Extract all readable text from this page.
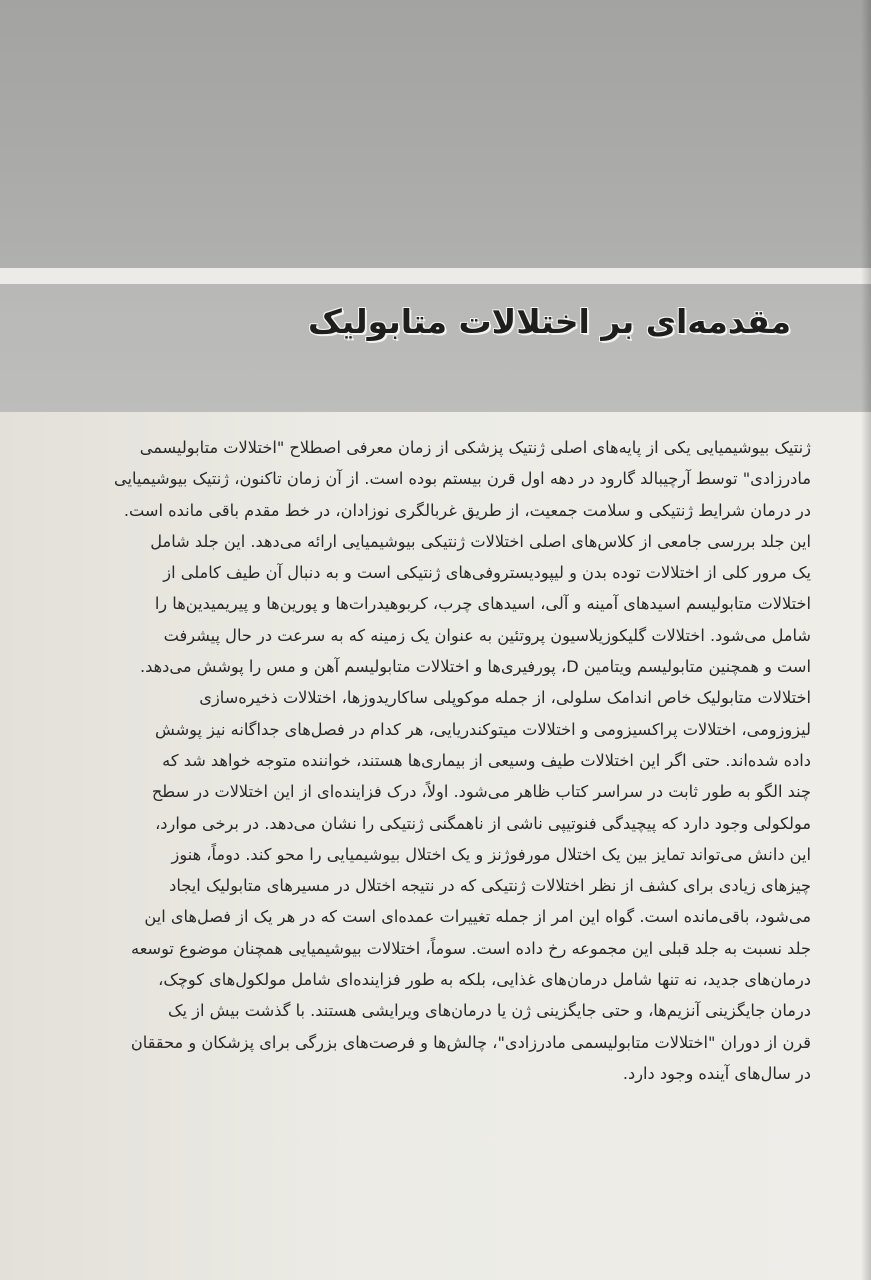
مقدمه‌ای بر اختلالات متابولیک
ژنتیک بیوشیمیایی یکی از پایه‌های اصلی ژنتیک پزشکی از زمان معرفی اصطلاح "اختلالات متابولیسمی
مادرزادی" توسط آرچیبالد گارود در دهه اول قرن بیستم بوده است. از آن زمان تاکنون، ژنتیک بیوشیمیایی
در درمان شرایط ژنتیکی و سلامت جمعیت، از طریق غربالگری نوزادان، در خط مقدم باقی مانده است.
این جلد بررسی جامعی از کلاس‌های اصلی اختلالات ژنتیکی بیوشیمیایی ارائه می‌دهد. این جلد شامل
یک مرور کلی از اختلالات توده بدن و لیپودیستروفی‌های ژنتیکی است و به دنبال آن طیف کاملی از
اختلالات متابولیسم اسیدهای آمینه و آلی، اسیدهای چرب، کربوهیدرات‌ها و پورین‌ها و پیریمیدین‌ها را
شامل می‌شود. اختلالات گلیکوزیلاسیون پروتئین به عنوان یک زمینه که به سرعت در حال پیشرفت
است و همچنین متابولیسم ویتامین D، پورفیری‌ها و اختلالات متابولیسم آهن و مس را پوشش می‌دهد.
اختلالات متابولیک خاص اندامک سلولی، از جمله موکوپلی ساکاریدوزها، اختلالات ذخیره‌سازی
لیزوزومی، اختلالات پراکسیزومی و اختلالات میتوکندریایی، هر کدام در فصل‌های جداگانه نیز پوشش
داده شده‌اند. حتی اگر این اختلالات طیف وسیعی از بیماری‌ها هستند، خواننده متوجه خواهد شد که
چند الگو به طور ثابت در سراسر کتاب ظاهر می‌شود. اولاً، درک فزاینده‌ای از این اختلالات در سطح
مولکولی وجود دارد که پیچیدگی فنوتیپی ناشی از ناهمگنی ژنتیکی را نشان می‌دهد. در برخی موارد،
این دانش می‌تواند تمایز بین یک اختلال مورفوژنز و یک اختلال بیوشیمیایی را محو کند. دوماً، هنوز
چیزهای زیادی برای کشف از نظر اختلالات ژنتیکی که در نتیجه اختلال در مسیرهای متابولیک ایجاد
می‌شود، باقی‌مانده است. گواه این امر از جمله تغییرات عمده‌ای است که در هر یک از فصل‌های این
جلد نسبت به جلد قبلی این مجموعه رخ داده است. سوماً، اختلالات بیوشیمیایی همچنان موضوع توسعه
درمان‌های جدید، نه تنها شامل درمان‌های غذایی، بلکه به طور فزاینده‌ای شامل مولکول‌های کوچک،
درمان جایگزینی آنزیم‌ها، و حتی جایگزینی ژن یا درمان‌های ویرایشی هستند. با گذشت بیش از یک
قرن از دوران "اختلالات متابولیسمی مادرزادی"، چالش‌ها و فرصت‌های بزرگی برای پزشکان و محققان
در سال‌های آینده وجود دارد.
